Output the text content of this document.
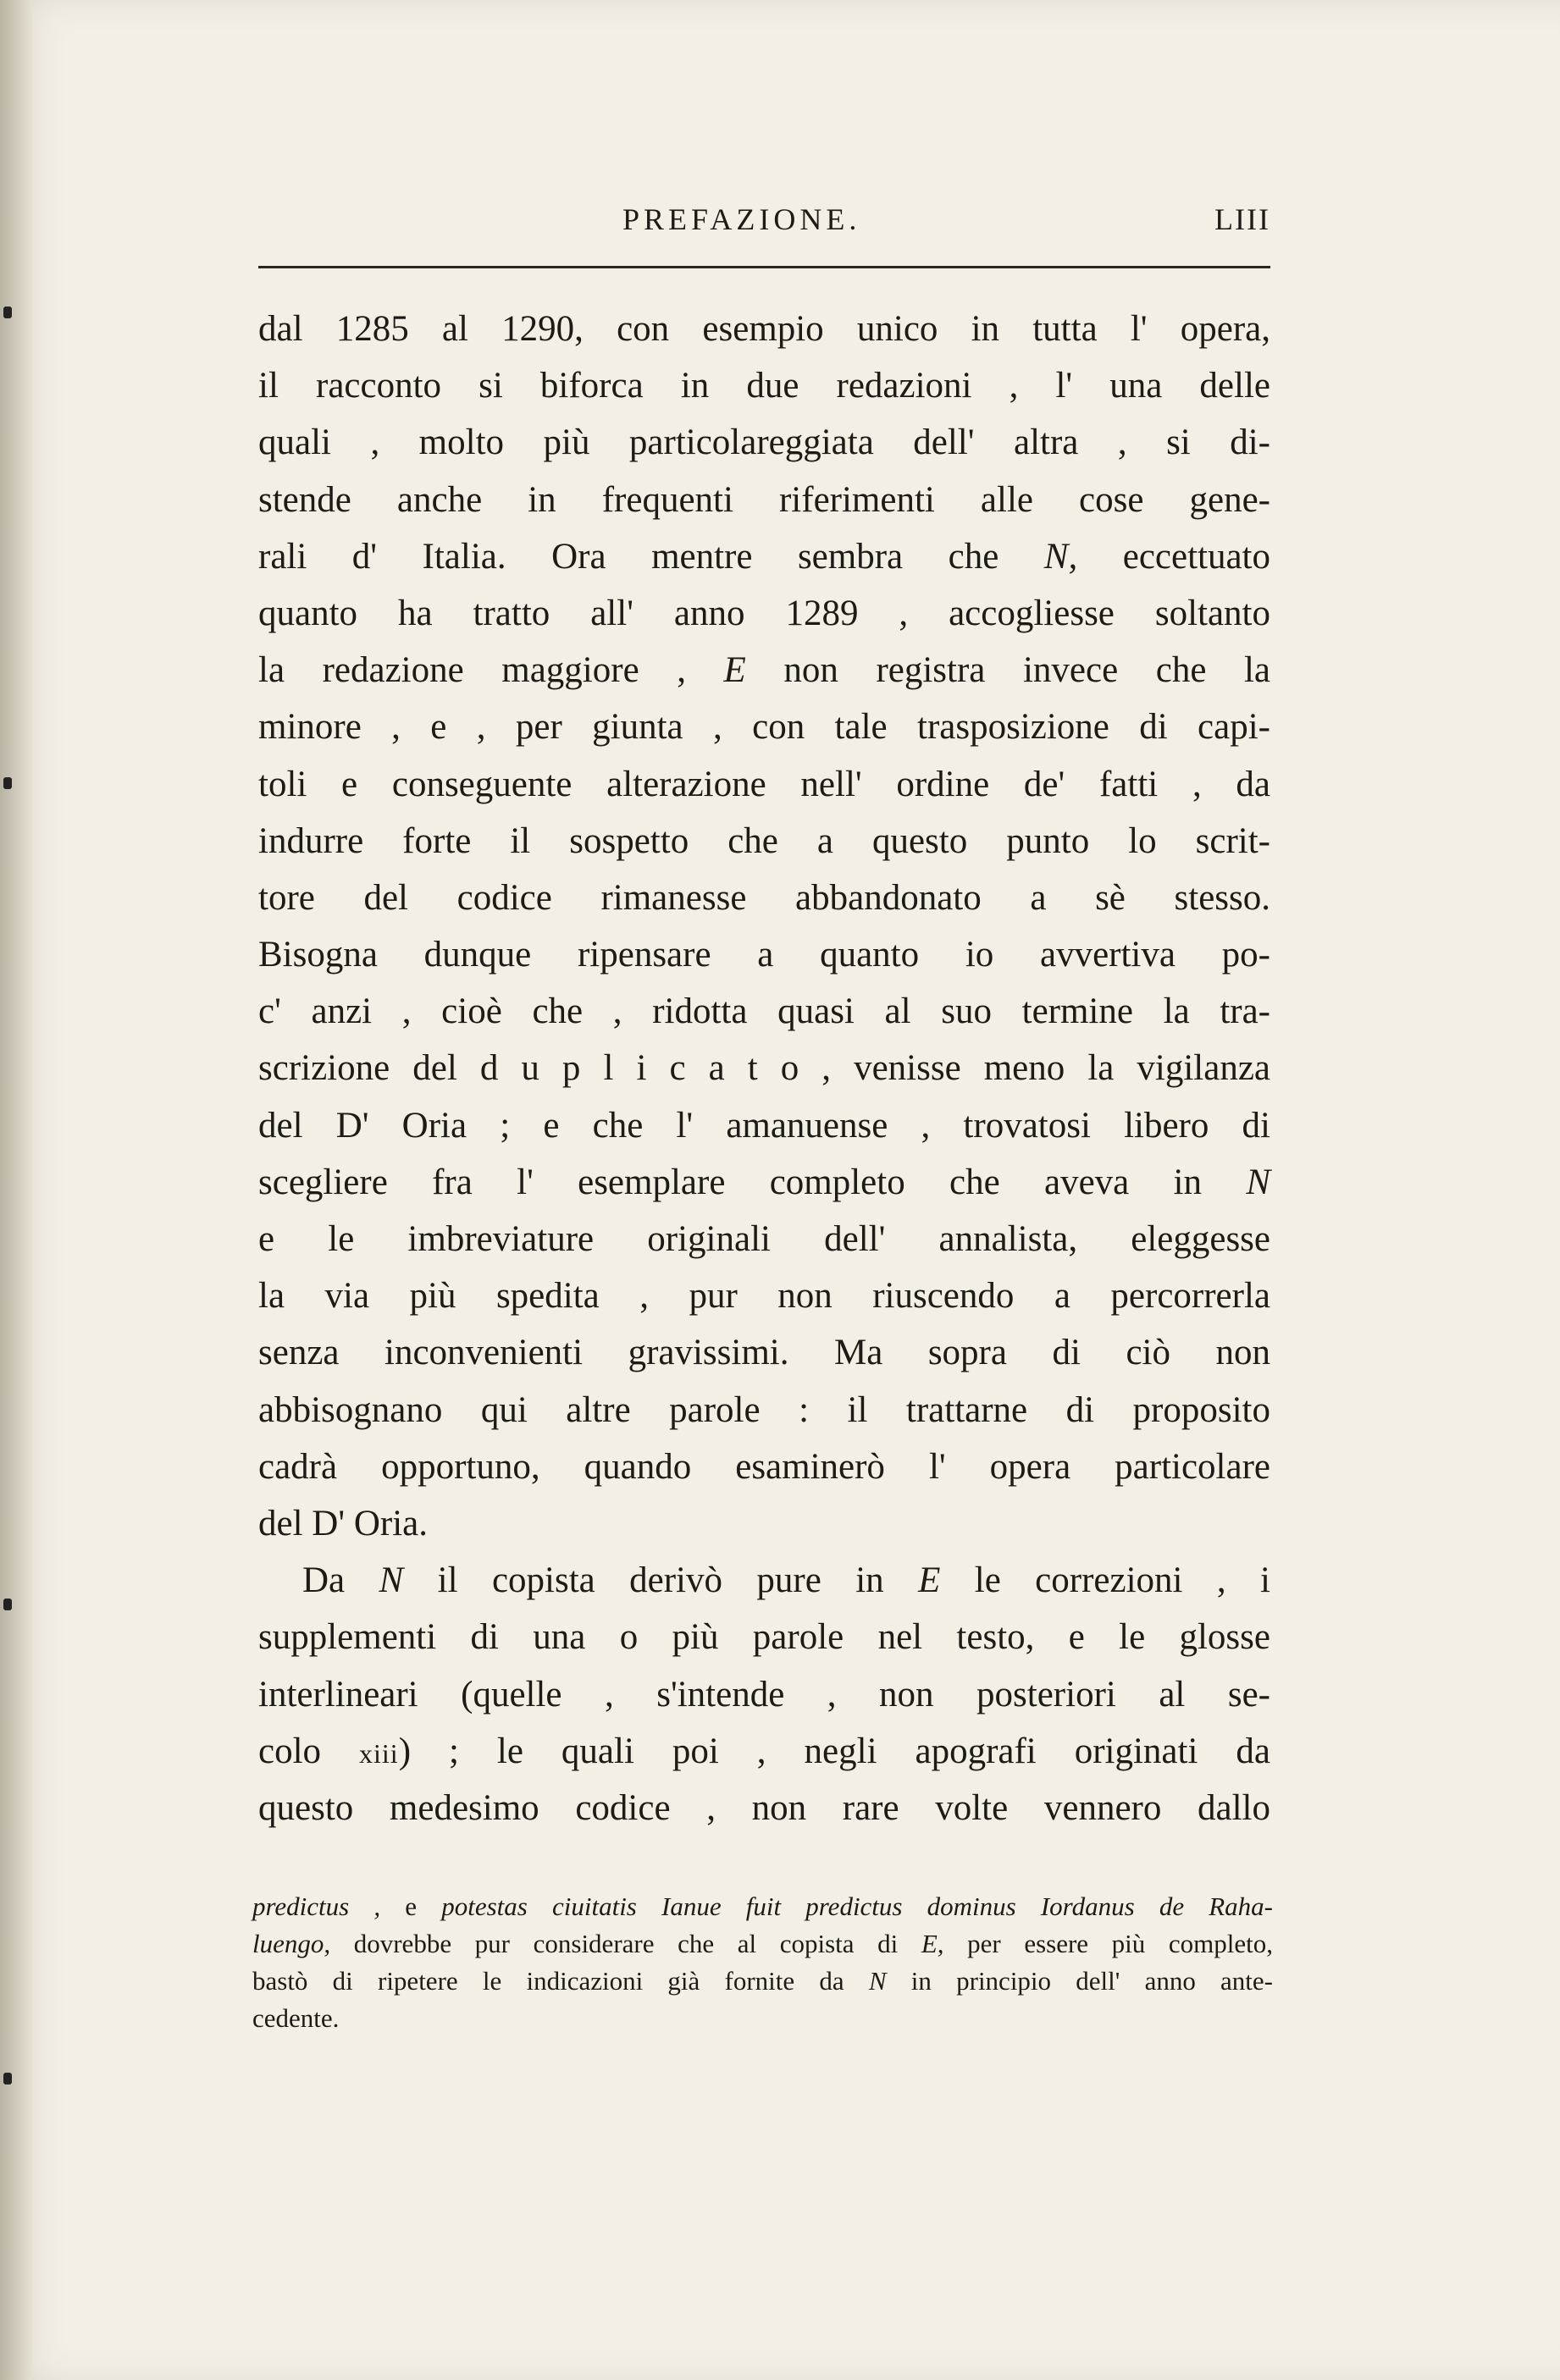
PREFAZIONE.	LIII
dal 1285 al 1290, con esempio unico in tutta l' opera,
il racconto si biforca in due redazioni , l' una delle
quali , molto più particolareggiata dell' altra , si di-
stende anche in frequenti riferimenti alle cose gene-
rali d' Italia. Ora mentre sembra che N, eccettuato
quanto ha tratto all' anno 1289 , accogliesse soltanto
la redazione maggiore , E non registra invece che la
minore , e , per giunta , con tale trasposizione di capi-
toli e conseguente alterazione nell' ordine de' fatti , da
indurre forte il sospetto che a questo punto lo scrit-
tore del codice rimanesse abbandonato a sè stesso.
Bisogna dunque ripensare a quanto io avvertiva po-
c' anzi , cioè che , ridotta quasi al suo termine la tra-
scrizione del d u p l i c a t o , venisse meno la vigilanza
del D' Oria ; e che l' amanuense , trovatosi libero di
scegliere fra l' esemplare completo che aveva in N
e le imbreviature originali dell' annalista, eleggesse
la via più spedita , pur non riuscendo a percorrerla
senza inconvenienti gravissimi. Ma sopra di ciò non
abbisognano qui altre parole : il trattarne di proposito
cadrà opportuno, quando esaminerò l' opera particolare
del D' Oria.
Da N il copista derivò pure in E le correzioni , i
supplementi di una o più parole nel testo, e le glosse
interlineari (quelle , s'intende , non posteriori al se-
colo xiii) ; le quali poi , negli apografi originati da
questo medesimo codice , non rare volte vennero dallo
predictus , e potestas ciuitatis Ianue fuit predictus dominus Iordanus de Raha-
luengo, dovrebbe pur considerare che al copista di E, per essere più completo,
bastò di ripetere le indicazioni già fornite da N in principio dell' anno ante-
cedente.
